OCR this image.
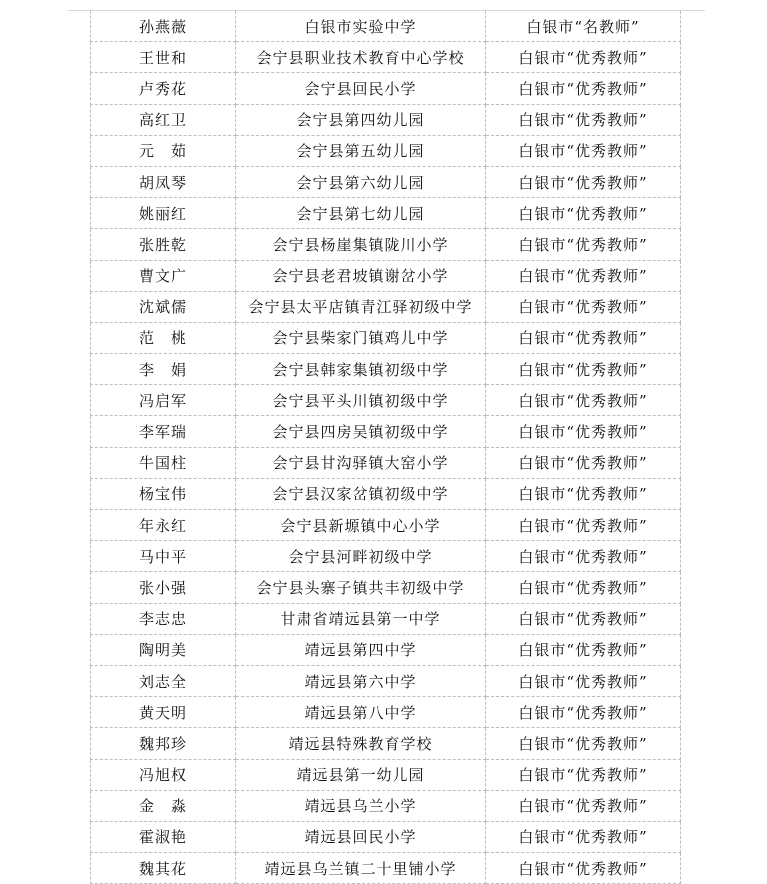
孙燕薇	白银市实验中学	白银市“名教师”
王世和	会宁县职业技术教育中心学校	白银市“优秀教师”
卢秀花	会宁县回民小学	白银市“优秀教师”
高红卫	会宁县第四幼儿园	白银市“优秀教师”
元　茹	会宁县第五幼儿园	白银市“优秀教师”
胡凤琴	会宁县第六幼儿园	白银市“优秀教师”
姚丽红	会宁县第七幼儿园	白银市“优秀教师”
张胜乾	会宁县杨崖集镇陇川小学	白银市“优秀教师”
曹文广	会宁县老君坡镇谢岔小学	白银市“优秀教师”
沈斌儒	会宁县太平店镇青江驿初级中学	白银市“优秀教师”
范　桃	会宁县柴家门镇鸡儿中学	白银市“优秀教师”
李　娟	会宁县韩家集镇初级中学	白银市“优秀教师”
冯启军	会宁县平头川镇初级中学	白银市“优秀教师”
李军瑞	会宁县四房吴镇初级中学	白银市“优秀教师”
牛国柱	会宁县甘沟驿镇大窑小学	白银市“优秀教师”
杨宝伟	会宁县汉家岔镇初级中学	白银市“优秀教师”
年永红	会宁县新塬镇中心小学	白银市“优秀教师”
马中平	会宁县河畔初级中学	白银市“优秀教师”
张小强	会宁县头寨子镇共丰初级中学	白银市“优秀教师”
李志忠	甘肃省靖远县第一中学	白银市“优秀教师”
陶明美	靖远县第四中学	白银市“优秀教师”
刘志全	靖远县第六中学	白银市“优秀教师”
黄天明	靖远县第八中学	白银市“优秀教师”
魏邦珍	靖远县特殊教育学校	白银市“优秀教师”
冯旭权	靖远县第一幼儿园	白银市“优秀教师”
金　淼	靖远县乌兰小学	白银市“优秀教师”
霍淑艳	靖远县回民小学	白银市“优秀教师”
魏其花	靖远县乌兰镇二十里铺小学	白银市“优秀教师”
